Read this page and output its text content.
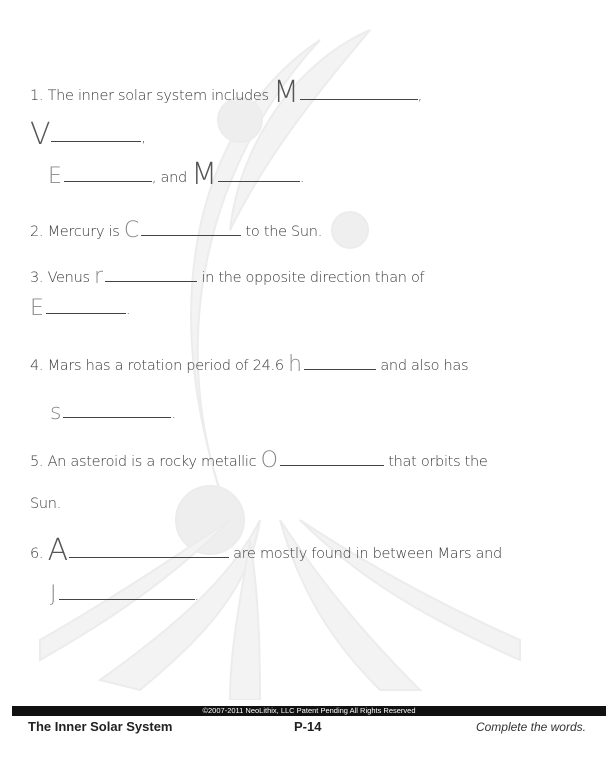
1. The inner solar system includes M	,
V	,
E	, and M	.
2. Mercury is C	to the Sun.
3. Venus r	in the opposite direction than of
E	.
4. Mars has a rotation period of 24.6 h	and also has
s	.
5. An asteroid is a rocky metallic O	that orbits the
Sun.
6. A	are mostly found in between Mars and
J	.
©2007-2011 NeoLithix, LLC Patent Pending All Rights Reserved
The Inner Solar System	P-14	Complete the words.
